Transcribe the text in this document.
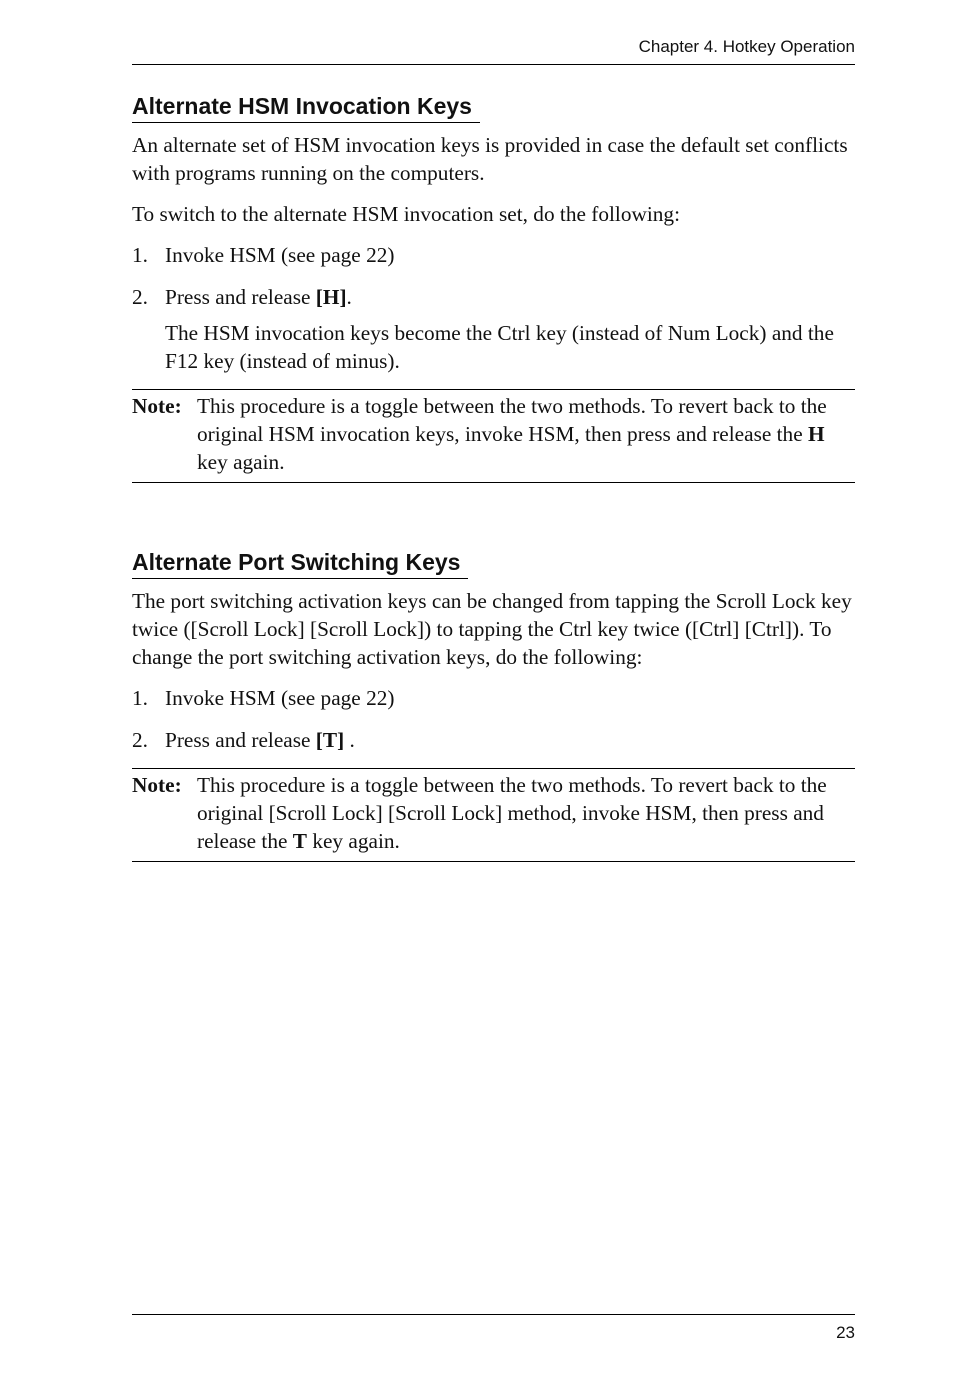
Chapter 4. Hotkey Operation
Alternate HSM Invocation Keys

An alternate set of HSM invocation keys is provided in case the default set conflicts with programs running on the computers.

To switch to the alternate HSM invocation set, do the following:

1. Invoke HSM (see page 22)

2. Press and release [H].

The HSM invocation keys become the Ctrl key (instead of Num Lock) and the F12 key (instead of minus).

Note: This procedure is a toggle between the two methods. To revert back to the original HSM invocation keys, invoke HSM, then press and release the H key again.

Alternate Port Switching Keys

The port switching activation keys can be changed from tapping the Scroll Lock key twice ([Scroll Lock] [Scroll Lock]) to tapping the Ctrl key twice ([Ctrl] [Ctrl]). To change the port switching activation keys, do the following:

1. Invoke HSM (see page 22)

2. Press and release [T] .

Note: This procedure is a toggle between the two methods. To revert back to the original [Scroll Lock] [Scroll Lock] method, invoke HSM, then press and release the T key again.

23
